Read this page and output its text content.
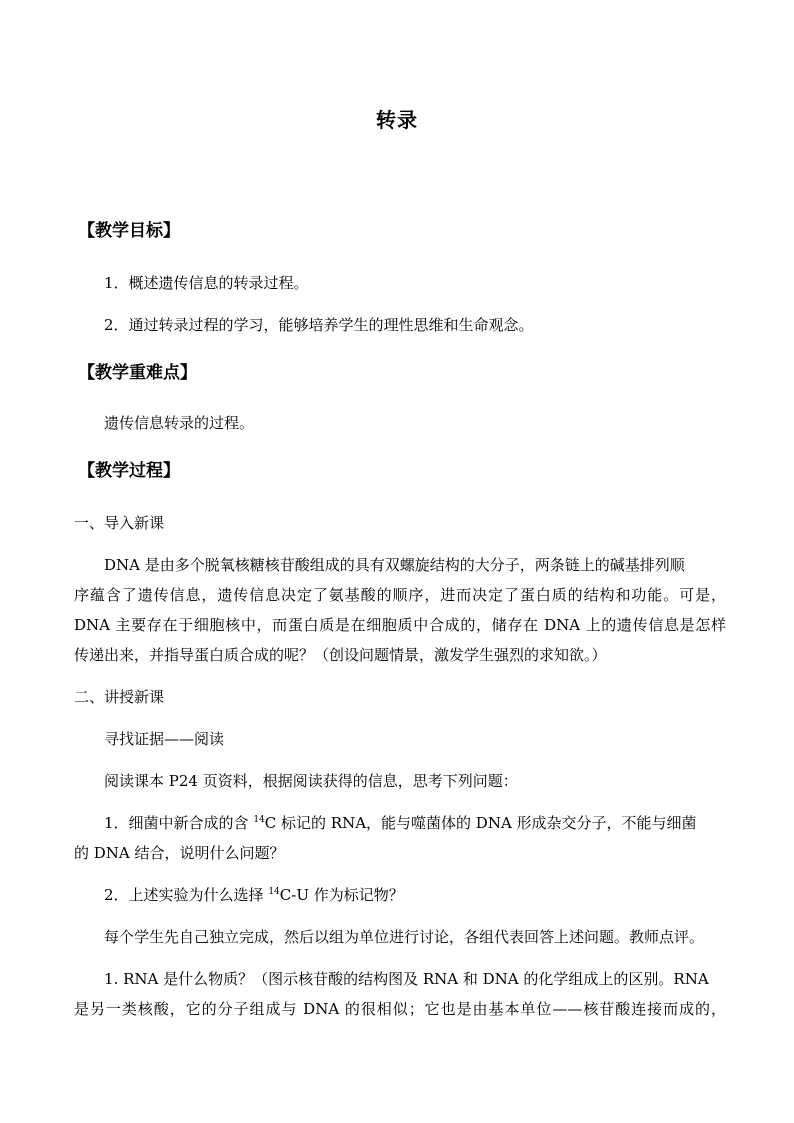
转录
【教学目标】
1．概述遗传信息的转录过程。
2．通过转录过程的学习，能够培养学生的理性思维和生命观念。
【教学重难点】
遗传信息转录的过程。
【教学过程】
一、导入新课
DNA 是由多个脱氧核糖核苷酸组成的具有双螺旋结构的大分子，两条链上的碱基排列顺
序蕴含了遗传信息，遗传信息决定了氨基酸的顺序，进而决定了蛋白质的结构和功能。可是，
DNA 主要存在于细胞核中，而蛋白质是在细胞质中合成的，储存在 DNA 上的遗传信息是怎样
传递出来，并指导蛋白质合成的呢？（创设问题情景，激发学生强烈的求知欲。）
二、讲授新课
寻找证据——阅读
阅读课本 P24 页资料，根据阅读获得的信息，思考下列问题：
1．细菌中新合成的含 $^{14}$C 标记的 RNA，能与噬菌体的 DNA 形成杂交分子，不能与细菌
的 DNA 结合，说明什么问题？
2．上述实验为什么选择 $^{14}$C-U 作为标记物？
每个学生先自己独立完成，然后以组为单位进行讨论，各组代表回答上述问题。教师点评。
1. RNA 是什么物质？（图示核苷酸的结构图及 RNA 和 DNA 的化学组成上的区别。RNA
是另一类核酸，它的分子组成与 DNA 的很相似；它也是由基本单位——核苷酸连接而成的，
